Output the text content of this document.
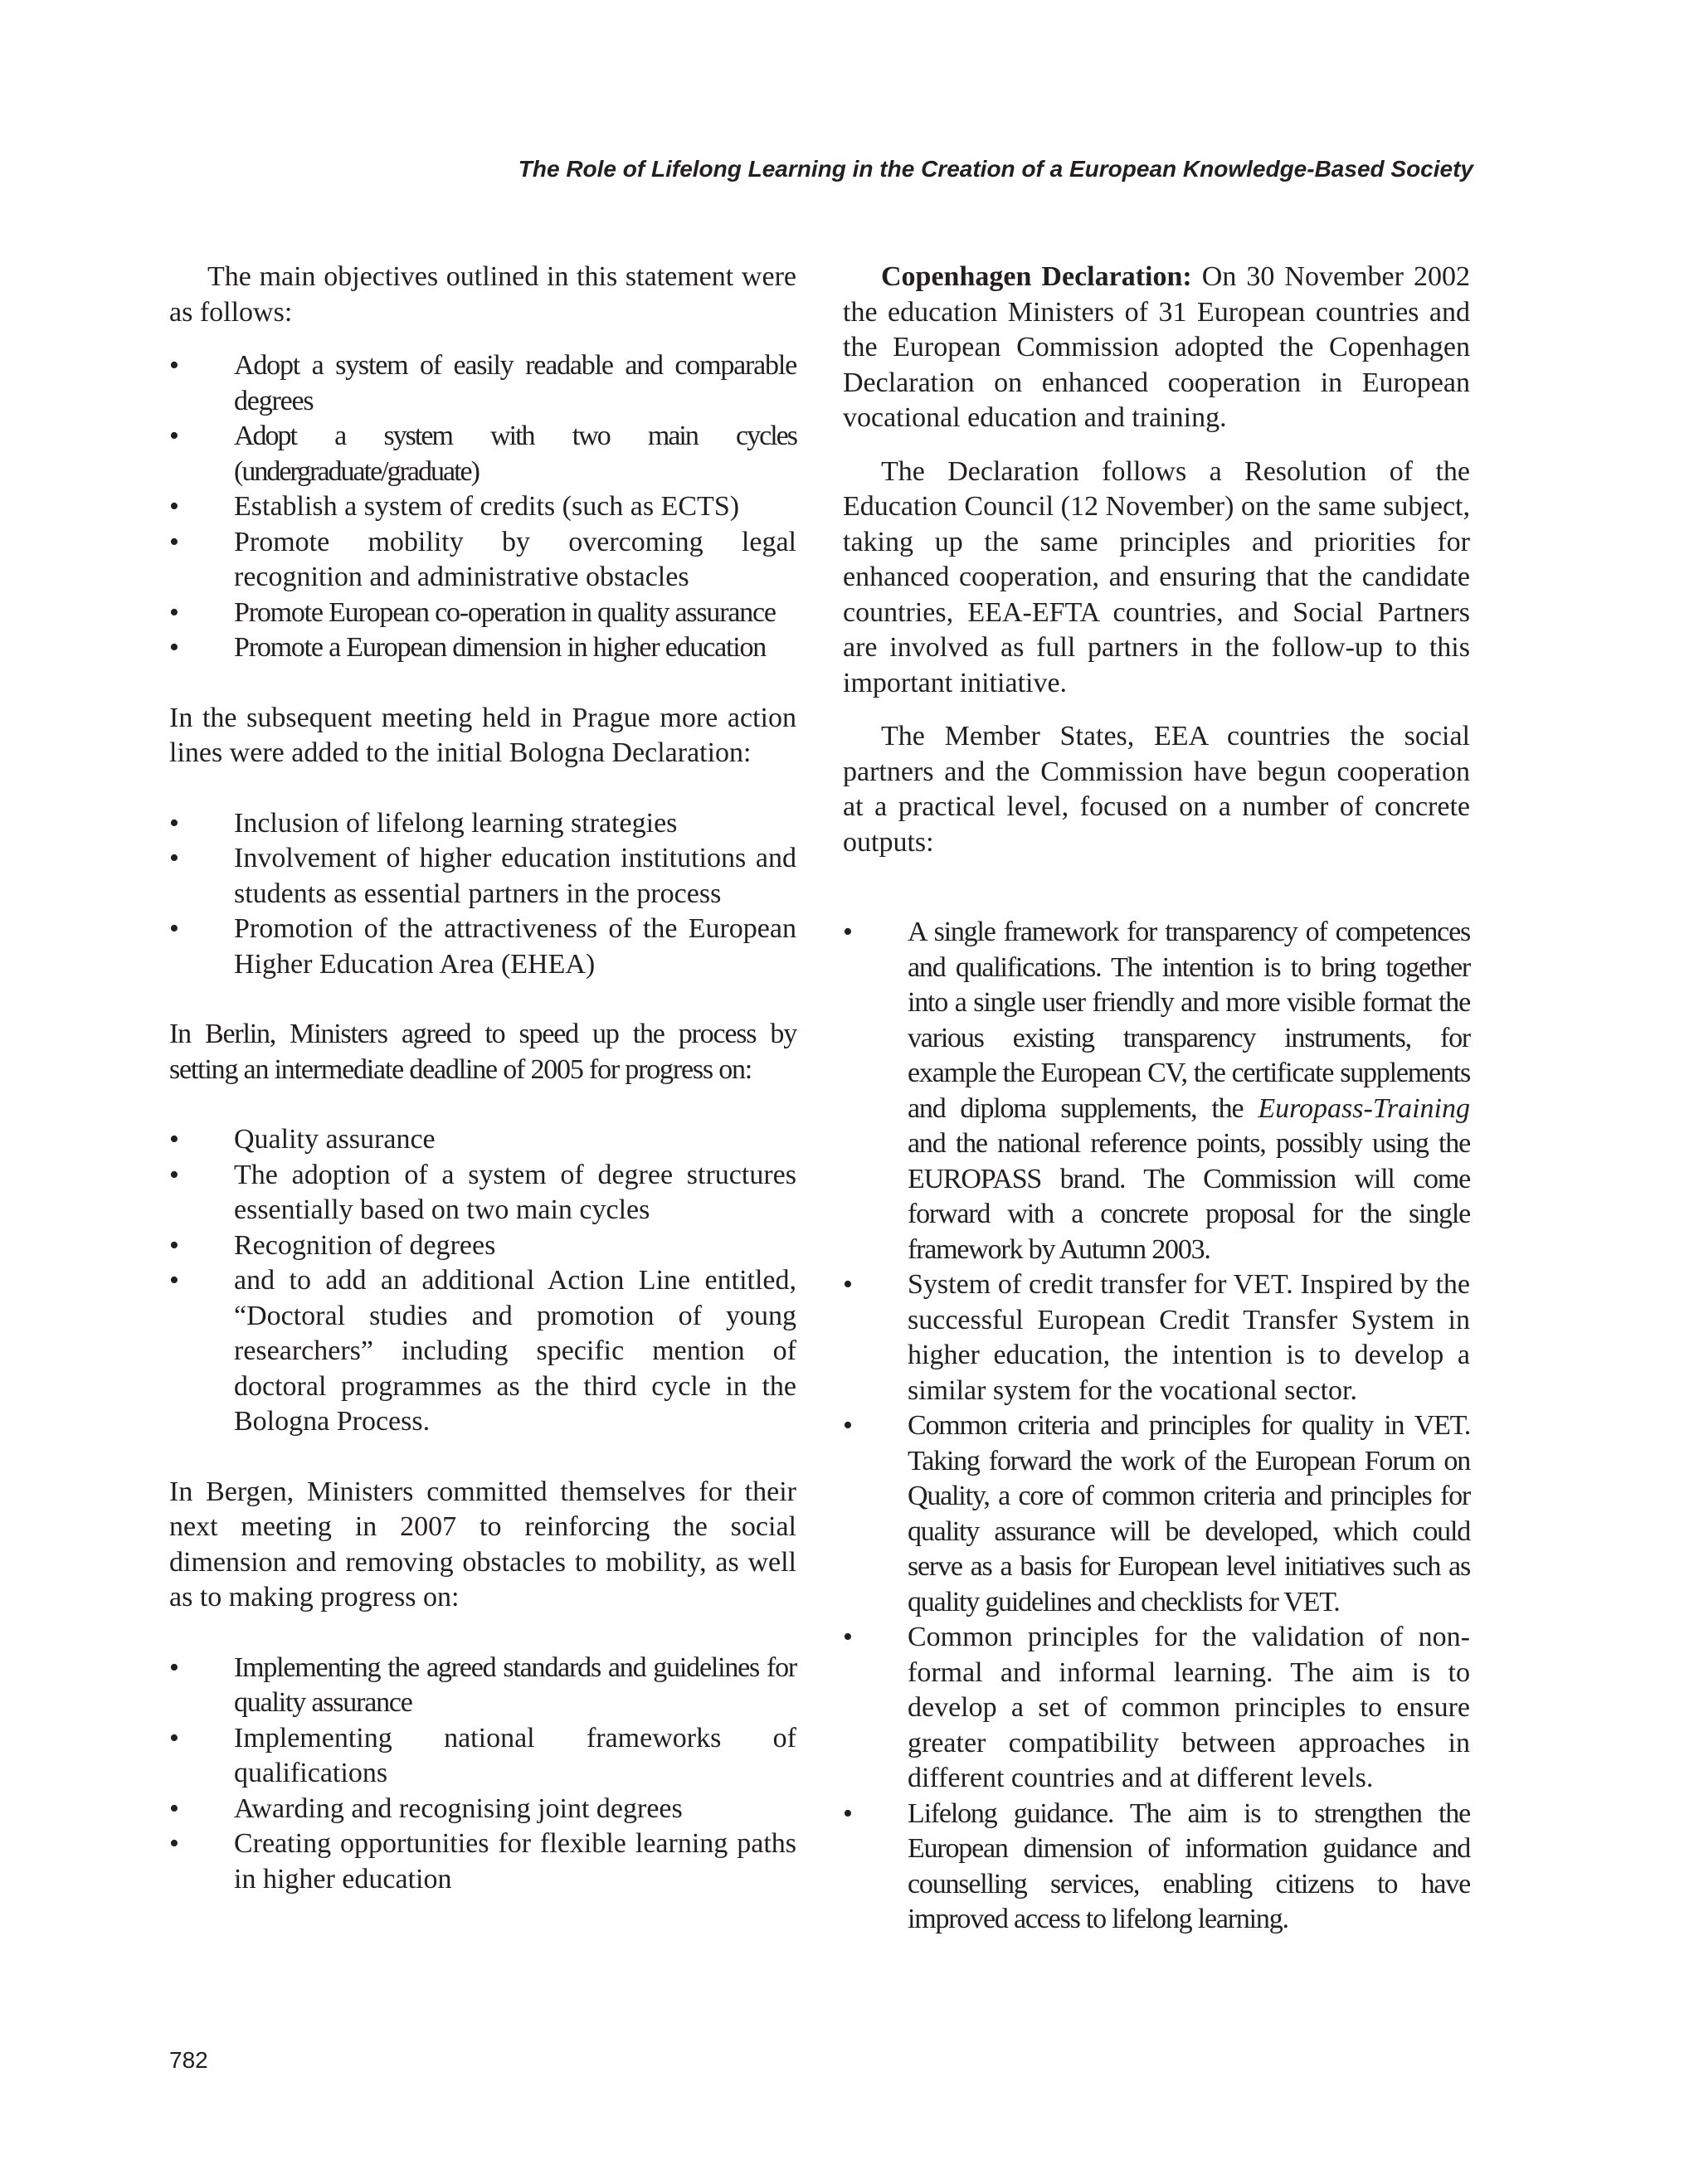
The Role of Lifelong Learning in the Creation of a European Knowledge-Based Society

The main objectives outlined in this statement were as follows:

• Adopt a system of easily readable and comparable degrees
• Adopt a system with two main cycles (undergraduate/graduate)
• Establish a system of credits (such as ECTS)
• Promote mobility by overcoming legal recognition and administrative obstacles
• Promote European co-operation in quality assurance
• Promote a European dimension in higher education

In the subsequent meeting held in Prague more action lines were added to the initial Bologna Declaration:

• Inclusion of lifelong learning strategies
• Involvement of higher education institutions and students as essential partners in the process
• Promotion of the attractiveness of the European Higher Education Area (EHEA)

In Berlin, Ministers agreed to speed up the process by setting an intermediate deadline of 2005 for progress on:

• Quality assurance
• The adoption of a system of degree structures essentially based on two main cycles
• Recognition of degrees
• and to add an additional Action Line entitled, “Doctoral studies and promotion of young researchers” including specific mention of doctoral programmes as the third cycle in the Bologna Process.

In Bergen, Ministers committed themselves for their next meeting in 2007 to reinforcing the social dimension and removing obstacles to mobility, as well as to making progress on:

• Implementing the agreed standards and guidelines for quality assurance
• Implementing national frameworks of qualifications
• Awarding and recognising joint degrees
• Creating opportunities for flexible learning paths in higher education

Copenhagen Declaration: On 30 November 2002 the education Ministers of 31 European countries and the European Commission adopted the Copenhagen Declaration on enhanced cooperation in European vocational education and training.

The Declaration follows a Resolution of the Education Council (12 November) on the same subject, taking up the same principles and priorities for enhanced cooperation, and ensuring that the candidate countries, EEA-EFTA countries, and Social Partners are involved as full partners in the follow-up to this important initiative.

The Member States, EEA countries the social partners and the Commission have begun cooperation at a practical level, focused on a number of concrete outputs:

• A single framework for transparency of competences and qualifications. The intention is to bring together into a single user friendly and more visible format the various existing transparency instruments, for example the European CV, the certificate supplements and diploma supplements, the Europass-Training and the national reference points, possibly using the EUROPASS brand. The Commission will come forward with a concrete proposal for the single framework by Autumn 2003.
• System of credit transfer for VET. Inspired by the successful European Credit Transfer System in higher education, the intention is to develop a similar system for the vocational sector.
• Common criteria and principles for quality in VET. Taking forward the work of the European Forum on Quality, a core of common criteria and principles for quality assurance will be developed, which could serve as a basis for European level initiatives such as quality guidelines and checklists for VET.
• Common principles for the validation of non-formal and informal learning. The aim is to develop a set of common principles to ensure greater compatibility between approaches in different countries and at different levels.
• Lifelong guidance. The aim is to strengthen the European dimension of information guidance and counselling services, enabling citizens to have improved access to lifelong learning.

782
